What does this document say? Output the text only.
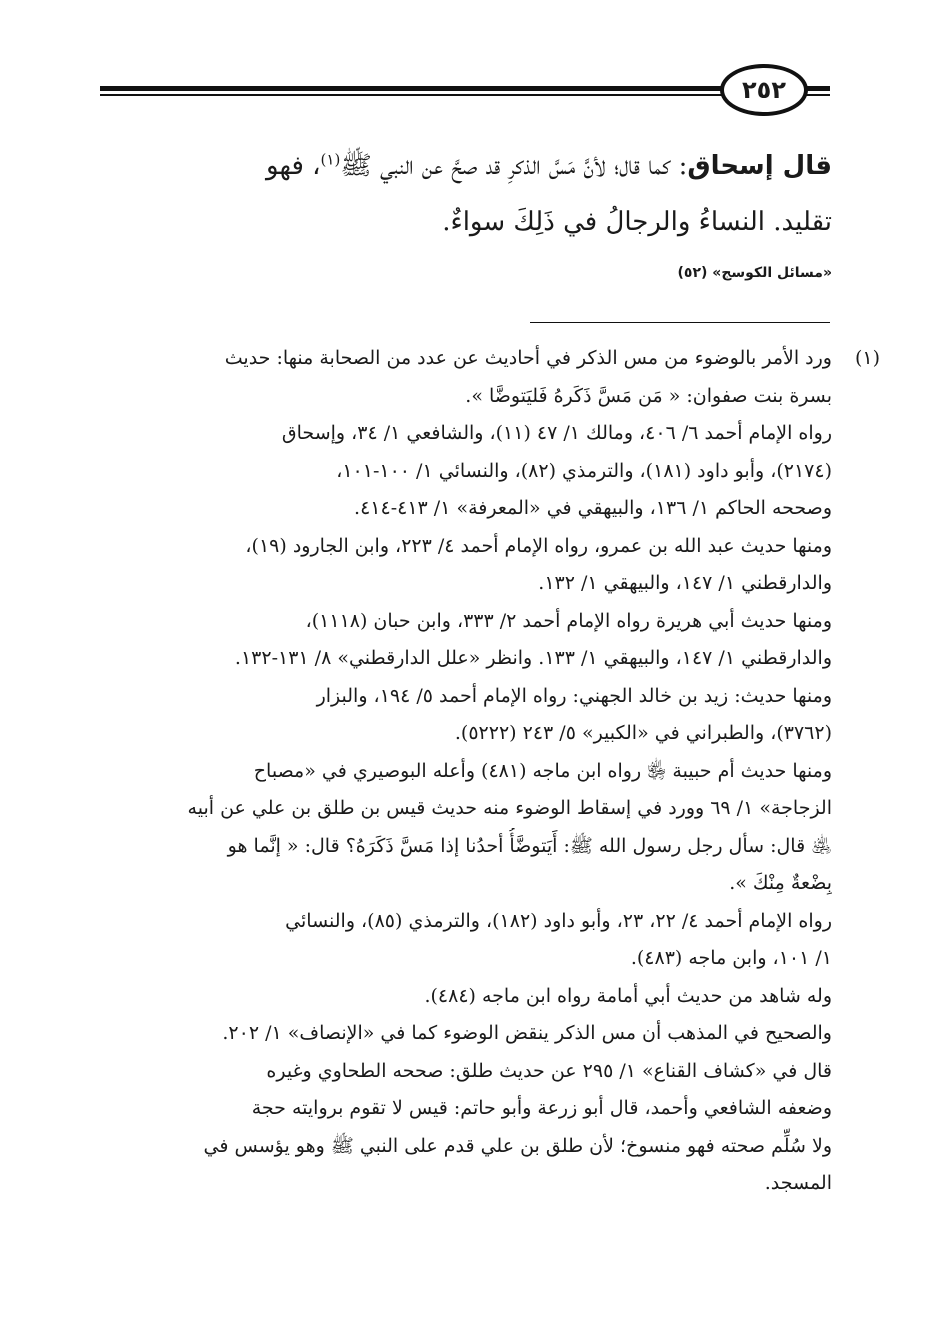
٢٥٢
قال إسحاق: كما قال؛ لأنَّ مَسَّ الذكرِ قد صحَّ عن النبي ﷺ$^{(١)}$، فهو
تقليد. النساءُ والرجالُ في ذَلِكَ سواءٌ.
«مسائل الكوسج» (٥٢)
(١)
ورد الأمر بالوضوء من مس الذكر في أحاديث عن عدد من الصحابة منها: حديث
بسرة بنت صفوان: « مَن مَسَّ ذَكَرهُ فَليَتوضَّا ».
رواه الإمام أحمد ٦/ ٤٠٦، ومالك ١/ ٤٧ (١١)، والشافعي ١/ ٣٤، وإسحاق
(٢١٧٤)، وأبو داود (١٨١)، والترمذي (٨٢)، والنسائي ١/ ١٠٠-١٠١،
وصححه الحاكم ١/ ١٣٦، والبيهقي في «المعرفة» ١/ ٤١٣-٤١٤.
ومنها حديث عبد الله بن عمرو، رواه الإمام أحمد ٤/ ٢٢٣، وابن الجارود (١٩)،
والدارقطني ١/ ١٤٧، والبيهقي ١/ ١٣٢.
ومنها حديث أبي هريرة رواه الإمام أحمد ٢/ ٣٣٣، وابن حبان (١١١٨)،
والدارقطني ١/ ١٤٧، والبيهقي ١/ ١٣٣. وانظر «علل الدارقطني» ٨/ ١٣١-١٣٢.
ومنها حديث: زيد بن خالد الجهني: رواه الإمام أحمد ٥/ ١٩٤، والبزار
(٣٧٦٢)، والطبراني في «الكبير» ٥/ ٢٤٣ (٥٢٢٢).
ومنها حديث أم حبيبة ﵂ رواه ابن ماجه (٤٨١) وأعله البوصيري في «مصباح
الزجاجة» ١/ ٦٩ وورد في إسقاط الوضوء منه حديث قيس بن طلق بن علي عن أبيه
﵁ قال: سأل رجل رسول الله ﷺ: أَيَتوضَّأُ أحدُنا إذا مَسَّ ذَكَرَهُ؟ قال: « إنَّما هو
بِضْعةٌ مِنْكَ ».
رواه الإمام أحمد ٤/ ٢٢، ٢٣، وأبو داود (١٨٢)، والترمذي (٨٥)، والنسائي
١/ ١٠١، وابن ماجه (٤٨٣).
وله شاهد من حديث أبي أمامة رواه ابن ماجه (٤٨٤).
والصحيح في المذهب أن مس الذكر ينقض الوضوء كما في «الإنصاف» ١/ ٢٠٢.
قال في «كشاف القناع» ١/ ٢٩٥ عن حديث طلق: صححه الطحاوي وغيره
وضعفه الشافعي وأحمد، قال أبو زرعة وأبو حاتم: قيس لا تقوم بروايته حجة
ولا سُلِّم صحته فهو منسوخ؛ لأن طلق بن علي قدم على النبي ﷺ وهو يؤسس في
المسجد.
